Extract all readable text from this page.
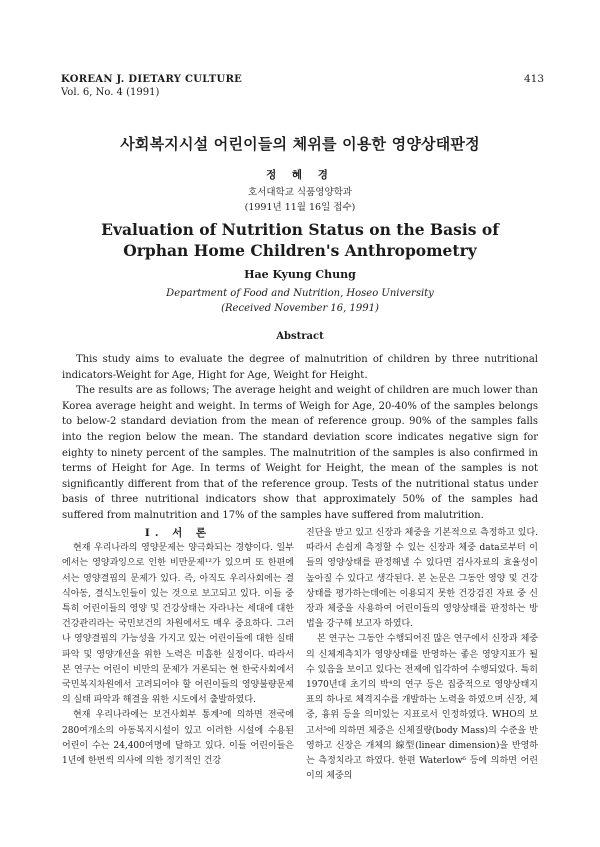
KOREAN J. DIETARY CULTURE
Vol. 6, No. 4 (1991)
413
사회복지시설 어린이들의 체위를 이용한 영양상태판정
정 혜 경
호서대학교 식품영양학과
(1991년 11월 16일 접수)
Evaluation of Nutrition Status on the Basis of
Orphan Home Children's Anthropometry
Hae Kyung Chung
Department of Food and Nutrition, Hoseo University
(Received November 16, 1991)
Abstract

This study aims to evaluate the degree of malnutrition of children by three nutritional indicators-Weight for Age, Hight for Age, Weight for Height.

The results are as follows; The average height and weight of children are much lower than Korea average height and weight. In terms of Weigh for Age, 20-40% of the samples belongs to below-2 standard deviation from the mean of reference group. 90% of the samples falls into the region below the mean. The standard deviation score indicates negative sign for eighty to ninety percent of the samples. The malnutrition of the samples is also confirmed in terms of Height for Age. In terms of Weight for Height, the mean of the samples is not significantly different from that of the reference group. Tests of the nutritional status under basis of three nutritional indicators show that approximately 50% of the samples had suffered from malnutrition and 17% of the samples have suffered from malutrition.

I. 서 론

현재 우리나라의 영양문제는 양극화되는 경향이다. 일부에서는 영양과잉으로 인한 비만문제¹²가 있으며 또 한편에서는 영양결핍의 문제가 있다. 즉, 아직도 우리사회에는 결식아동, 결식노인들이 있는 것으로 보고되고 있다. 이들 중 특히 어린이들의 영양 및 건강상태는 자라나는 세대에 대한 건강관리라는 국민보건의 차원에서도 매우 중요하다. 그러나 영양결핍의 가능성을 가지고 있는 어린이들에 대한 실태파악 및 영양개선을 위한 노력은 미흡한 실정이다. 따라서 본 연구는 어린이 비만의 문제가 거론되는 현 한국사회에서 국민복지차원에서 고려되어야 할 어린이들의 영양불량문제의 실태 파악과 해결을 위한 시도에서 출발하였다.

현재 우리나라에는 보건사회부 통계³에 의하면 전국에 280여개소의 아동복지시설이 있고 이러한 시설에 수용된 어린이 수는 24,400여명에 달하고 있다. 이들 어린이들은 1년에 한번씩 의사에 의한 정기적인 건강

진단을 받고 있고 신장과 체중을 기본적으로 측정하고 있다. 따라서 손쉽게 측정할 수 있는 신장과 체중 data로부터 이들의 영양상태를 판정해낼 수 있다면 검사자료의 효율성이 높아질 수 있다고 생각된다. 본 논문은 그동안 영양 및 건강상태를 평가하는데에는 이용되지 못한 건강검진 자료 중 신장과 체중을 사용하여 어린이들의 영양상태를 판정하는 방법을 강구해 보고자 하였다.

본 연구는 그동안 수행되어진 많은 연구에서 신장과 체중의 신체계측치가 영양상태를 반영하는 좋은 영양지표가 될 수 있음을 보이고 있다는 전제에 입각하여 수행되었다. 특히 1970년대 초기의 박⁴의 연구 등은 집중적으로 영양상태지표의 하나로 체격지수를 개발하는 노력을 하였으며 신장, 체중, 흉위 등을 의미있는 지표로서 인정하였다. WHO의 보고서⁵에 의하면 체중은 신체질량(body Mass)의 수준을 반영하고 신장은 개체의 線型(linear dimension)을 반영하는 측정치라고 하였다. 한편 Waterlow⁶ 등에 의하면 어린이의 체중의
